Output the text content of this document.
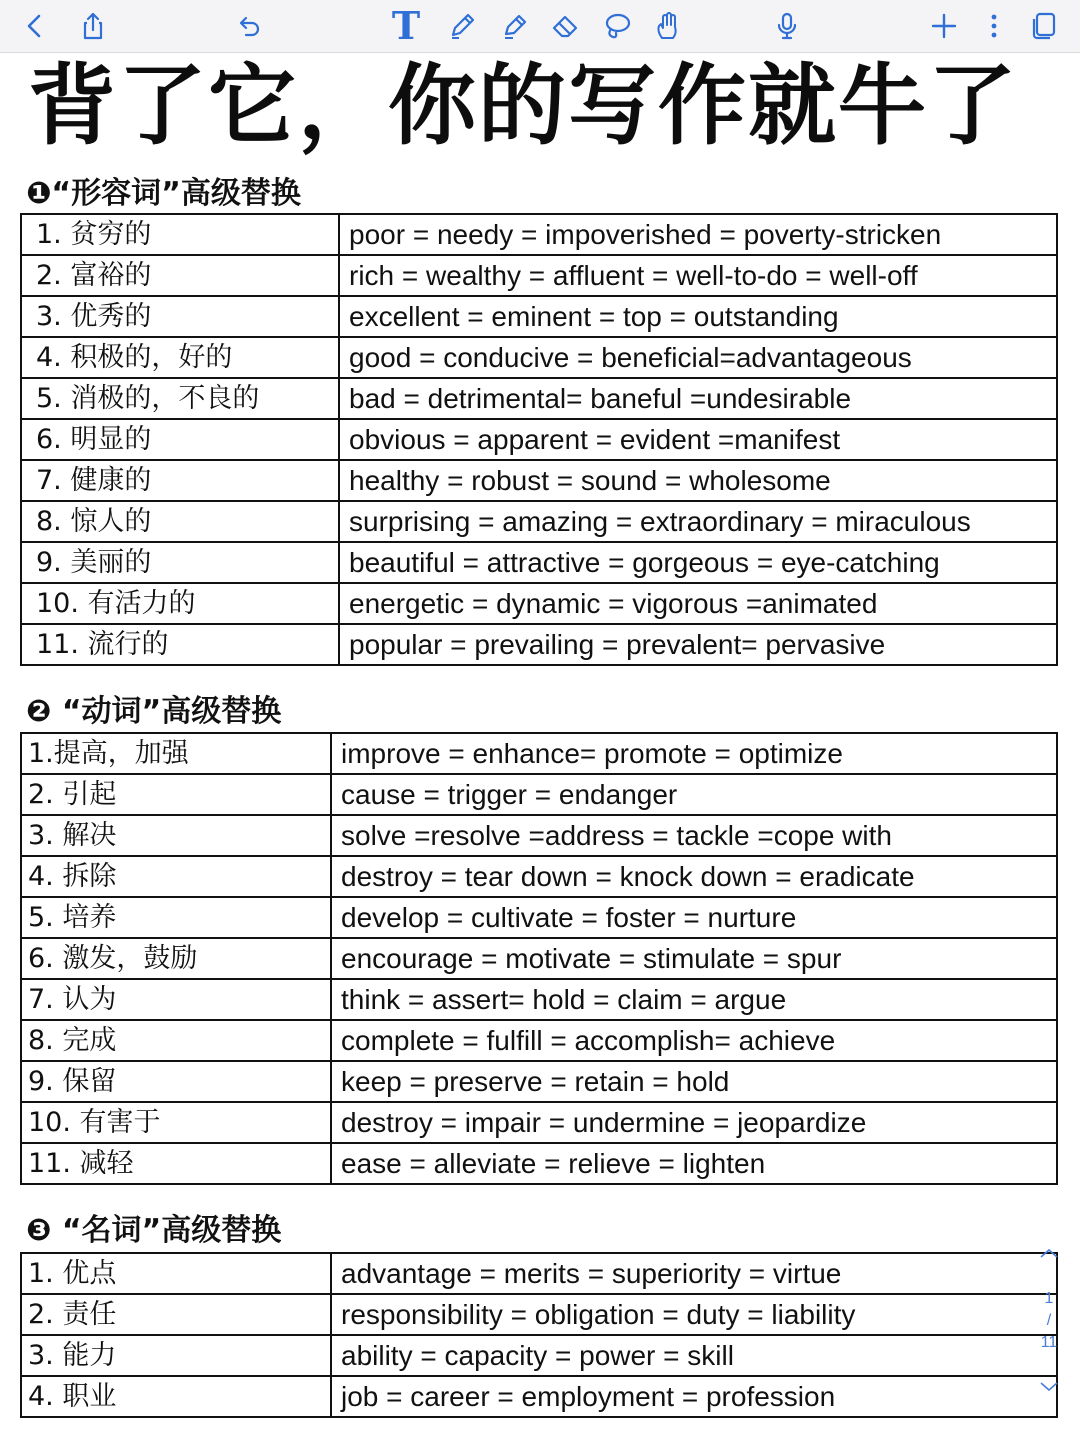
T
背了它，你的写作就牛了
❶“形容词”高级替换
1. 贫穷的	poor = needy = impoverished = poverty-stricken
2. 富裕的	rich = wealthy = affluent = well-to-do = well-off
3. 优秀的	excellent = eminent = top = outstanding
4. 积极的，好的	good = conducive = beneficial=advantageous
5. 消极的，不良的	bad = detrimental= baneful =undesirable
6. 明显的	obvious = apparent = evident =manifest
7. 健康的	healthy = robust = sound = wholesome
8. 惊人的	surprising = amazing = extraordinary = miraculous
9. 美丽的	beautiful = attractive = gorgeous = eye-catching
10. 有活力的	energetic = dynamic = vigorous =animated
11. 流行的	popular = prevailing = prevalent= pervasive
❷ “动词”高级替换
1.提高，加强	improve = enhance= promote = optimize
2. 引起	cause = trigger = endanger
3. 解决	solve =resolve =address = tackle =cope with
4. 拆除	destroy = tear down = knock down = eradicate
5. 培养	develop = cultivate = foster = nurture
6. 激发，鼓励	encourage = motivate = stimulate = spur
7. 认为	think = assert= hold = claim = argue
8. 完成	complete = fulfill = accomplish= achieve
9. 保留	keep = preserve = retain = hold
10. 有害于	destroy = impair = undermine = jeopardize
11. 减轻	ease = alleviate = relieve = lighten
❸ “名词”高级替换
1. 优点	advantage = merits = superiority = virtue
2. 责任	responsibility = obligation = duty = liability
3. 能力	ability = capacity = power = skill
4. 职业	job = career = employment = profession
1
/
11
